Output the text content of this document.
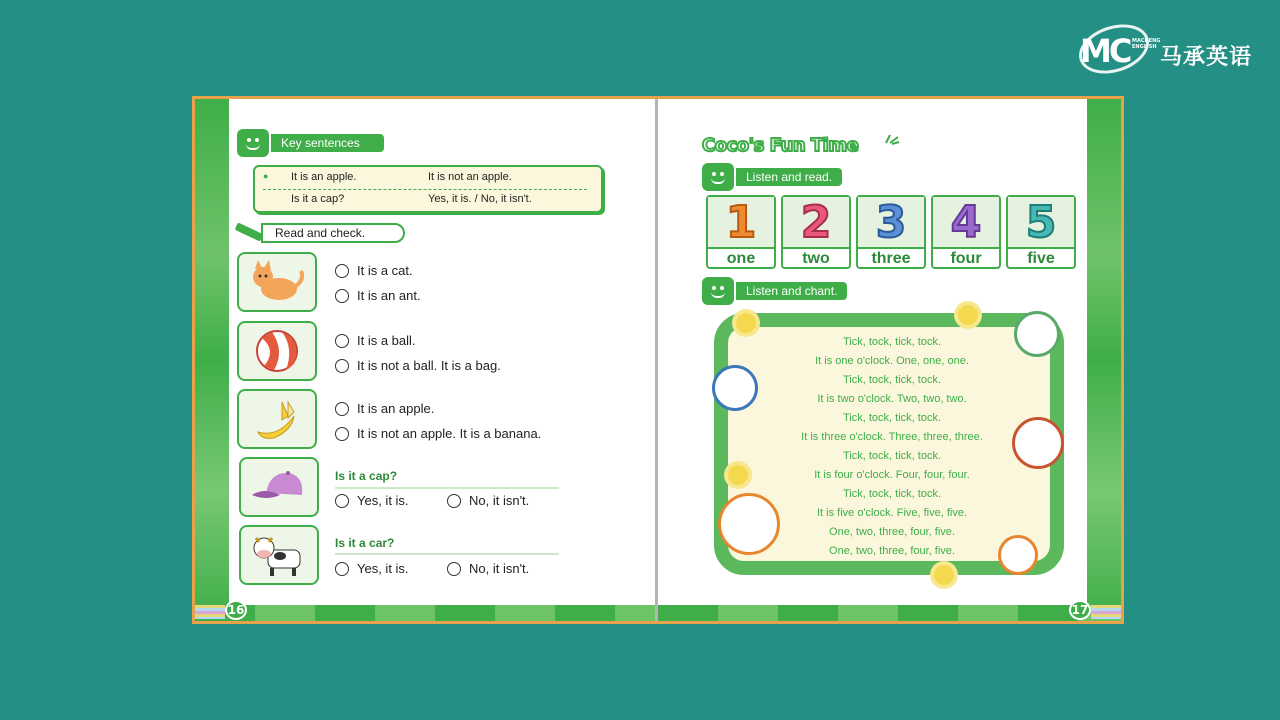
MC MACHENG ENGLISH 马承英语
Key sentences
● It is an apple.	It is not an apple.
Is it a cap?	Yes, it is. / No, it isn't.
Read and check.
It is a cat.
It is an ant.
It is a ball.
It is not a ball. It is a bag.
It is an apple.
It is not an apple. It is a banana.
Is it a cap?
Yes, it is.	No, it isn't.
Is it a car?
Yes, it is.	No, it isn't.
16
Coco's Fun Time
Listen and read.
1
one
2
two
3
three
4
four
5
five
Listen and chant.
Tick, tock, tick, tock.
It is one o'clock. One, one, one.
Tick, tock, tick, tock.
It is two o'clock. Two, two, two.
Tick, tock, tick, tock.
It is three o'clock. Three, three, three.
Tick, tock, tick, tock.
It is four o'clock. Four, four, four.
Tick, tock, tick, tock.
It is five o'clock. Five, five, five.
One, two, three, four, five.
One, two, three, four, five.
17
